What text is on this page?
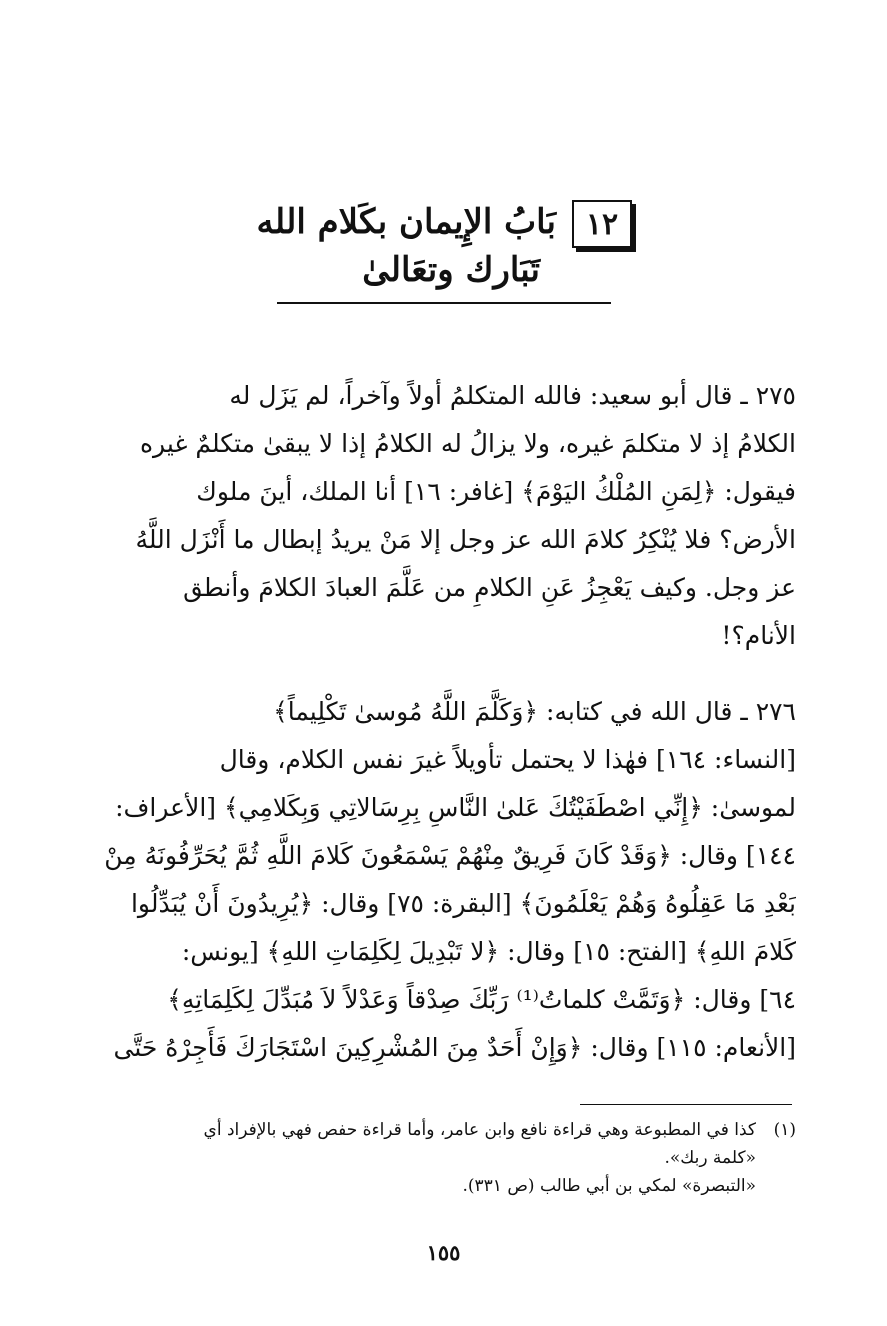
١٢
بَابُ الإِيمان بكَلام الله
تَبَارك وتعَالىٰ
٢٧٥ ـ قال أبو سعيد: فالله المتكلمُ أولاً وآخراً، لم يَزَل له
الكلامُ إذ لا متكلمَ غيره، ولا يزالُ له الكلامُ إذا لا يبقىٰ متكلمٌ غيره
فيقول: ﴿لِمَنِ المُلْكُ اليَوْمَ﴾ [غافر: ١٦] أنا الملك، أينَ ملوك
الأرض؟ فلا يُنْكِرُ كلامَ الله عز وجل إلا مَنْ يريدُ إبطال ما أَنْزَل اللَّهُ
عز وجل. وكيف يَعْجِزُ عَنِ الكلامِ من عَلَّمَ العبادَ الكلامَ وأنطق
الأنام؟!
٢٧٦ ـ قال الله في كتابه: ﴿وَكَلَّمَ اللَّهُ مُوسىٰ تَكْلِيماً﴾
[النساء: ١٦٤] فهٰذا لا يحتمل تأويلاً غيرَ نفس الكلام، وقال
لموسىٰ: ﴿إِنِّي اصْطَفَيْتُكَ عَلىٰ النَّاسِ بِرِسَالاتِي وَبِكَلامِي﴾ [الأعراف:
١٤٤] وقال: ﴿وَقَدْ كَانَ فَرِيقٌ مِنْهُمْ يَسْمَعُونَ كَلامَ اللَّهِ ثُمَّ يُحَرِّفُونَهُ مِنْ
بَعْدِ مَا عَقِلُوهُ وَهُمْ يَعْلَمُونَ﴾ [البقرة: ٧٥] وقال: ﴿يُرِيدُونَ أَنْ يُبَدِّلُوا
كَلامَ اللهِ﴾ [الفتح: ١٥] وقال: ﴿لا تَبْدِيلَ لِكَلِمَاتِ اللهِ﴾ [يونس:
٦٤] وقال: ﴿وَتَمَّتْ كلماتُ⁽¹⁾ رَبِّكَ صِدْقاً وَعَدْلاً لاَ مُبَدِّلَ لِكَلِمَاتِهِ﴾
[الأنعام: ١١٥] وقال: ﴿وَإِنْ أَحَدٌ مِنَ المُشْرِكِينَ اسْتَجَارَكَ فَأَجِرْهُ حَتَّى
(١)كذا في المطبوعة وهي قراءة نافع وابن عامر، وأما قراءة حفص فهي بالإفراد أي
«كلمة ربك».
«التبصرة» لمكي بن أبي طالب (ص ٣٣١).
١٥٥
